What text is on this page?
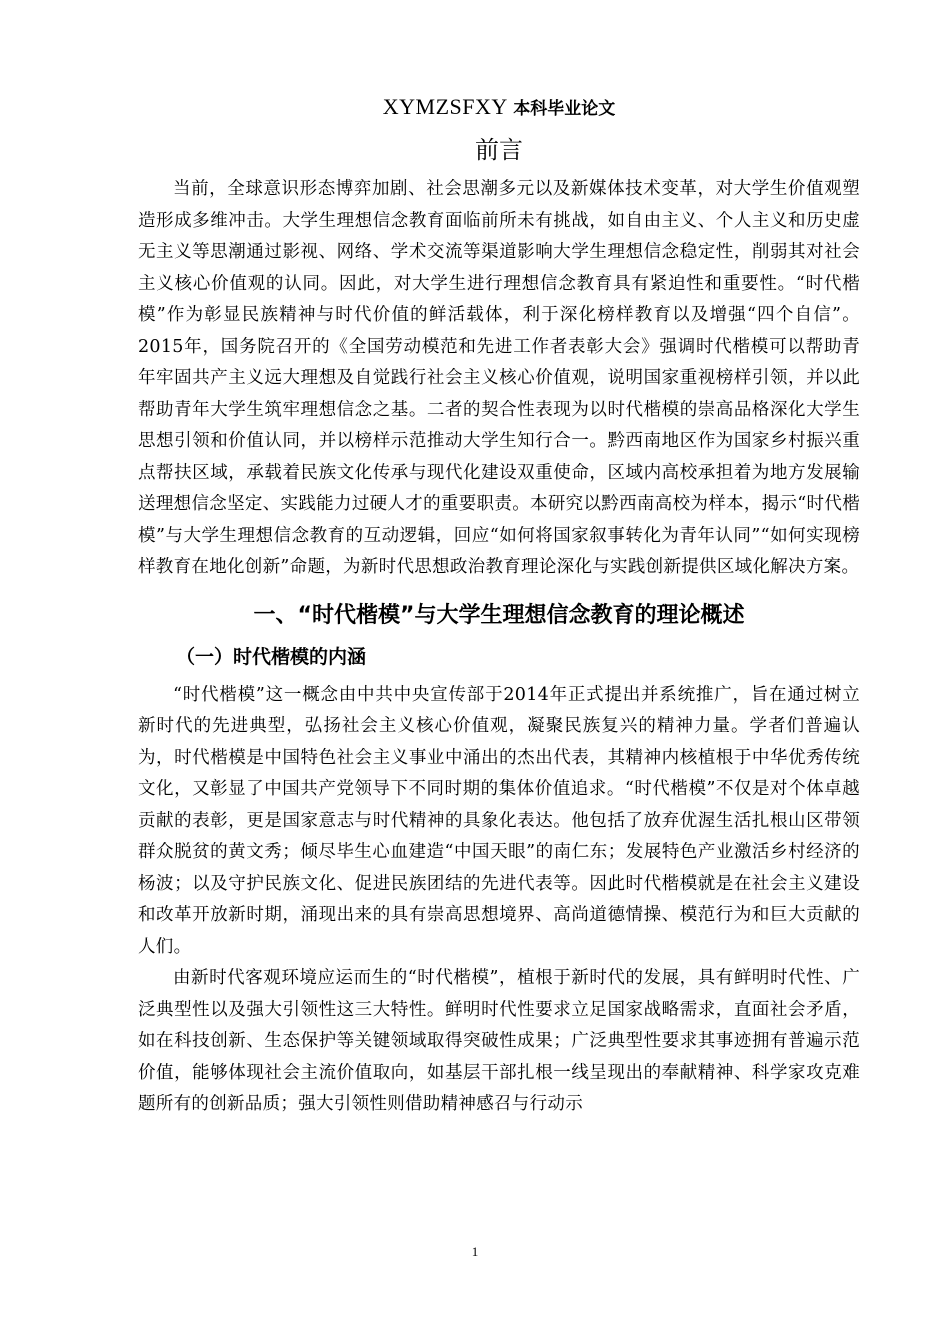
XYMZSFXY 本科毕业论文
前言

当前，全球意识形态博弈加剧、社会思潮多元以及新媒体技术变革，对大学生价值观塑造形成多维冲击。大学生理想信念教育面临前所未有挑战，如自由主义、个人主义和历史虚无主义等思潮通过影视、网络、学术交流等渠道影响大学生理想信念稳定性，削弱其对社会主义核心价值观的认同。因此，对大学生进行理想信念教育具有紧迫性和重要性。“时代楷模”作为彰显民族精神与时代价值的鲜活载体，利于深化榜样教育以及增强“四个自信”。2015年，国务院召开的《全国劳动模范和先进工作者表彰大会》强调时代楷模可以帮助青年牢固共产主义远大理想及自觉践行社会主义核心价值观，说明国家重视榜样引领，并以此帮助青年大学生筑牢理想信念之基。二者的契合性表现为以时代楷模的崇高品格深化大学生思想引领和价值认同，并以榜样示范推动大学生知行合一。黔西南地区作为国家乡村振兴重点帮扶区域，承载着民族文化传承与现代化建设双重使命，区域内高校承担着为地方发展输送理想信念坚定、实践能力过硬人才的重要职责。本研究以黔西南高校为样本，揭示“时代楷模”与大学生理想信念教育的互动逻辑，回应“如何将国家叙事转化为青年认同”“如何实现榜样教育在地化创新”命题，为新时代思想政治教育理论深化与实践创新提供区域化解决方案。

一、“时代楷模”与大学生理想信念教育的理论概述
（一）时代楷模的内涵

“时代楷模”这一概念由中共中央宣传部于2014年正式提出并系统推广，旨在通过树立新时代的先进典型，弘扬社会主义核心价值观，凝聚民族复兴的精神力量。学者们普遍认为，时代楷模是中国特色社会主义事业中涌出的杰出代表，其精神内核植根于中华优秀传统文化，又彰显了中国共产党领导下不同时期的集体价值追求。“时代楷模”不仅是对个体卓越贡献的表彰，更是国家意志与时代精神的具象化表达。他包括了放弃优渥生活扎根山区带领群众脱贫的黄文秀；倾尽毕生心血建造“中国天眼”的南仁东；发展特色产业激活乡村经济的杨波；以及守护民族文化、促进民族团结的先进代表等。因此时代楷模就是在社会主义建设和改革开放新时期，涌现出来的具有崇高思想境界、高尚道德情操、模范行为和巨大贡献的人们。

由新时代客观环境应运而生的“时代楷模”，植根于新时代的发展，具有鲜明时代性、广泛典型性以及强大引领性这三大特性。鲜明时代性要求立足国家战略需求，直面社会矛盾，如在科技创新、生态保护等关键领域取得突破性成果；广泛典型性要求其事迹拥有普遍示范价值，能够体现社会主流价值取向，如基层干部扎根一线呈现出的奉献精神、科学家攻克难题所有的创新品质；强大引领性则借助精神感召与行动示

1
